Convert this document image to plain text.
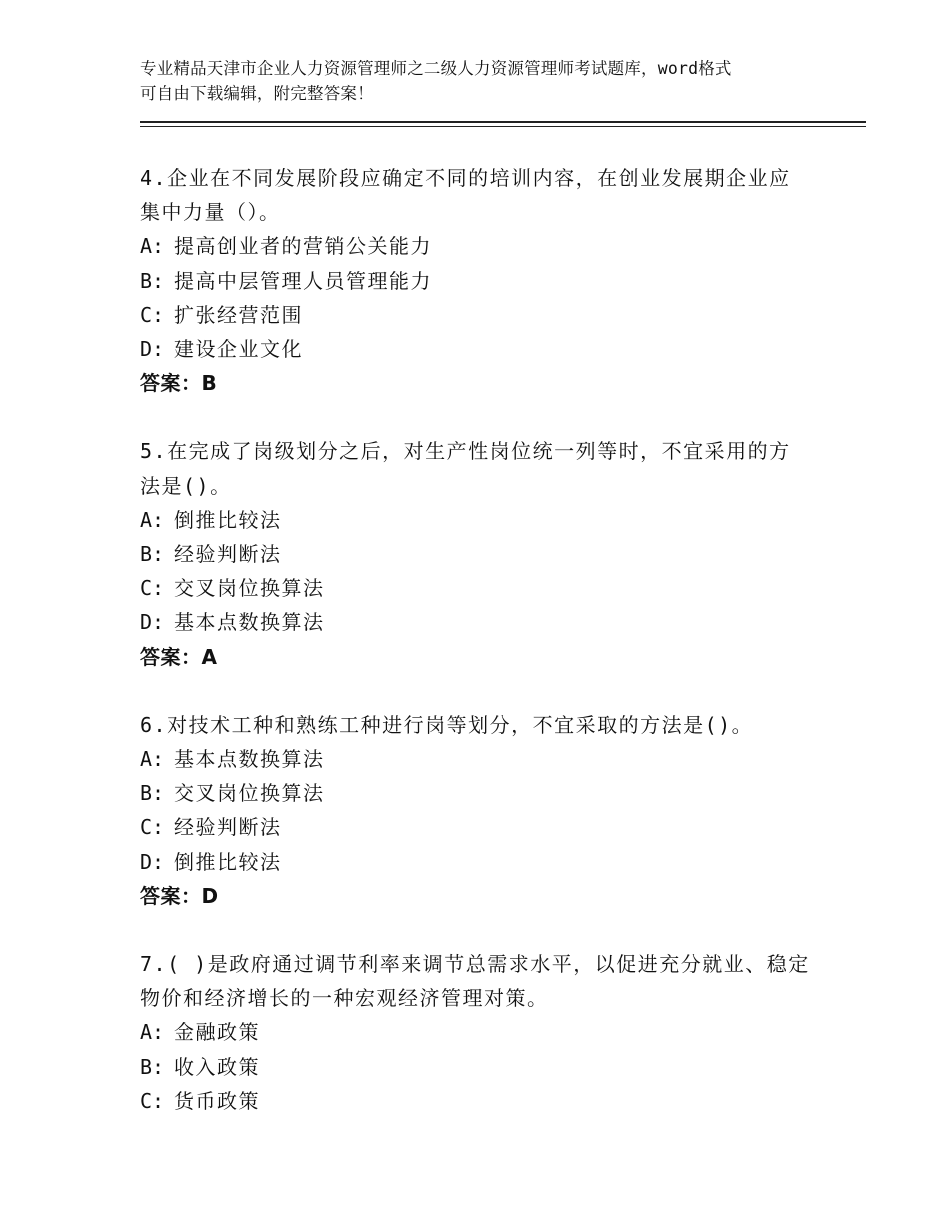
专业精品天津市企业人力资源管理师之二级人力资源管理师考试题库，word格式
可自由下载编辑，附完整答案！
4.企业在不同发展阶段应确定不同的培训内容，在创业发展期企业应
集中力量（）。
A: 提高创业者的营销公关能力
B: 提高中层管理人员管理能力
C: 扩张经营范围
D: 建设企业文化
答案：B
5.在完成了岗级划分之后，对生产性岗位统一列等时，不宜采用的方
法是()。
A: 倒推比较法
B: 经验判断法
C: 交叉岗位换算法
D: 基本点数换算法
答案：A
6.对技术工种和熟练工种进行岗等划分，不宜采取的方法是()。
A: 基本点数换算法
B: 交叉岗位换算法
C: 经验判断法
D: 倒推比较法
答案：D
7.( )是政府通过调节利率来调节总需求水平，以促进充分就业、稳定
物价和经济增长的一种宏观经济管理对策。
A: 金融政策
B: 收入政策
C: 货币政策
